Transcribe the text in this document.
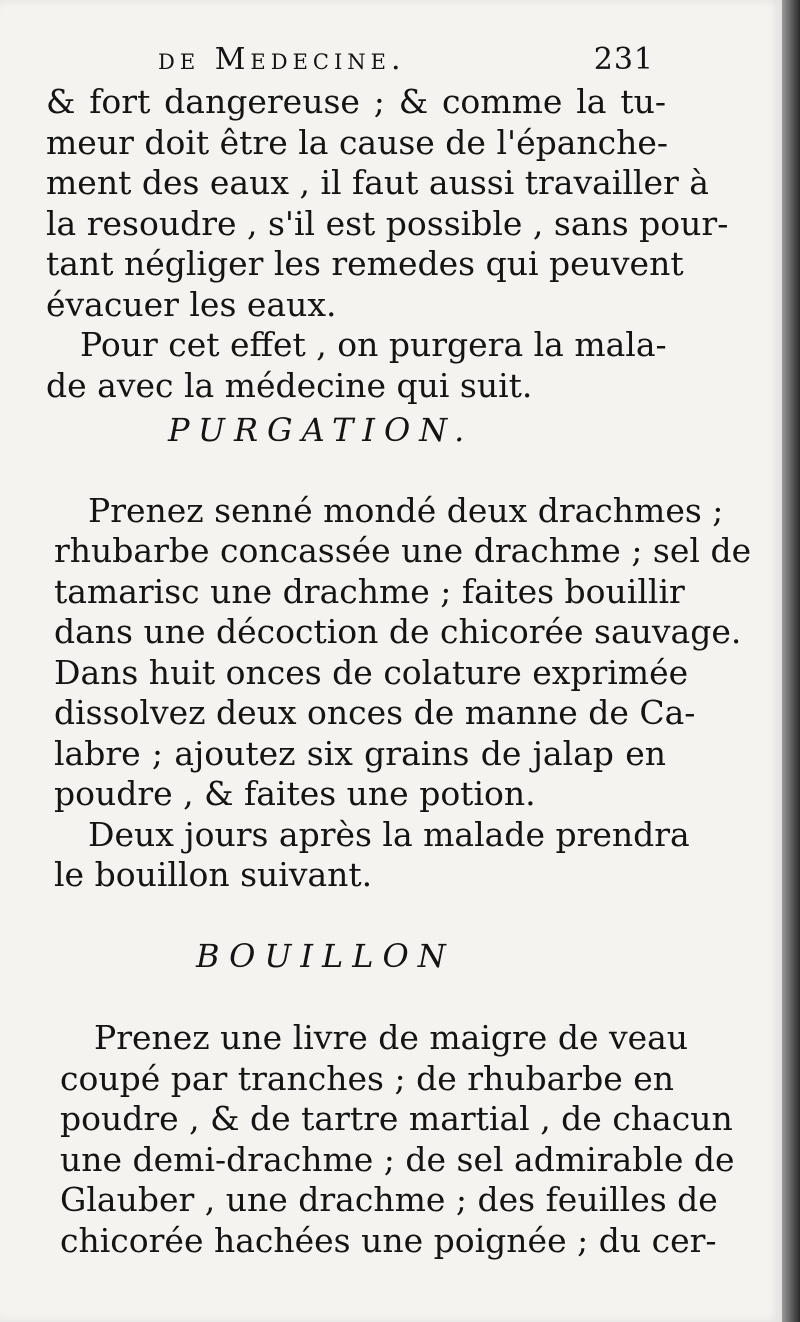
de Medecine.	231
& fort dangereuse ; & comme la tu-
meur doit être la cause de l'épanche-
ment des eaux , il faut aussi travailler à
la resoudre , s'il est possible , sans pour-
tant négliger les remedes qui peuvent
évacuer les eaux.
Pour cet effet , on purgera la mala-
de avec la médecine qui suit.
PURGATION.
Prenez senné mondé deux drachmes ;
rhubarbe concassée une drachme ; sel de
tamarisc une drachme ; faites bouillir
dans une décoction de chicorée sauvage.
Dans huit onces de colature exprimée
dissolvez deux onces de manne de Ca-
labre ; ajoutez six grains de jalap en
poudre , & faites une potion.
Deux jours après la malade prendra
le bouillon suivant.
BOUILLON
Prenez une livre de maigre de veau
coupé par tranches ; de rhubarbe en
poudre , & de tartre martial , de chacun
une demi-drachme ; de sel admirable de
Glauber , une drachme ; des feuilles de
chicorée hachées une poignée ; du cer-
